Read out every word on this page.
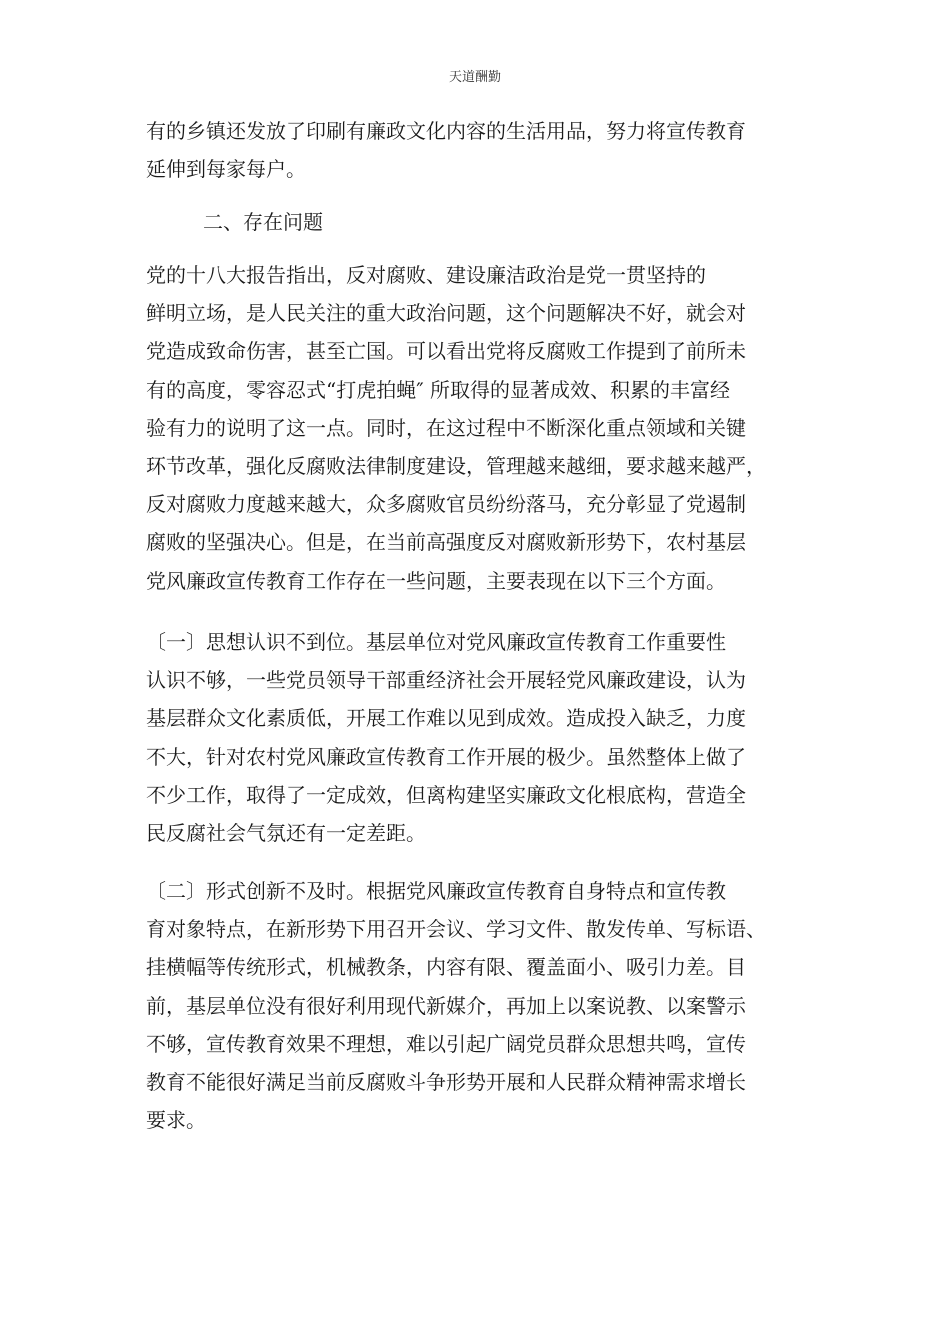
天道酬勤
有的乡镇还发放了印刷有廉政文化内容的生活用品，努力将宣传教育
延伸到每家每户。
二、存在问题
党的十八大报告指出，反对腐败、建设廉洁政治是党一贯坚持的
鲜明立场，是人民关注的重大政治问题，这个问题解决不好，就会对
党造成致命伤害，甚至亡国。可以看出党将反腐败工作提到了前所未
有的高度，零容忍式“打虎拍蝇″ 所取得的显著成效、积累的丰富经
验有力的说明了这一点。同时，在这过程中不断深化重点领域和关键
环节改革，强化反腐败法律制度建设，管理越来越细，要求越来越严，
反对腐败力度越来越大，众多腐败官员纷纷落马，充分彰显了党遏制
腐败的坚强决心。但是，在当前高强度反对腐败新形势下，农村基层
党风廉政宣传教育工作存在一些问题，主要表现在以下三个方面。
〔一〕思想认识不到位。基层单位对党风廉政宣传教育工作重要性
认识不够，一些党员领导干部重经济社会开展轻党风廉政建设，认为
基层群众文化素质低，开展工作难以见到成效。造成投入缺乏，力度
不大，针对农村党风廉政宣传教育工作开展的极少。虽然整体上做了
不少工作，取得了一定成效，但离构建坚实廉政文化根底构，营造全
民反腐社会气氛还有一定差距。
〔二〕形式创新不及时。根据党风廉政宣传教育自身特点和宣传教
育对象特点，在新形势下用召开会议、学习文件、散发传单、写标语、
挂横幅等传统形式，机械教条，内容有限、覆盖面小、吸引力差。目
前，基层单位没有很好利用现代新媒介，再加上以案说教、以案警示
不够，宣传教育效果不理想，难以引起广阔党员群众思想共鸣，宣传
教育不能很好满足当前反腐败斗争形势开展和人民群众精神需求增长
要求。
